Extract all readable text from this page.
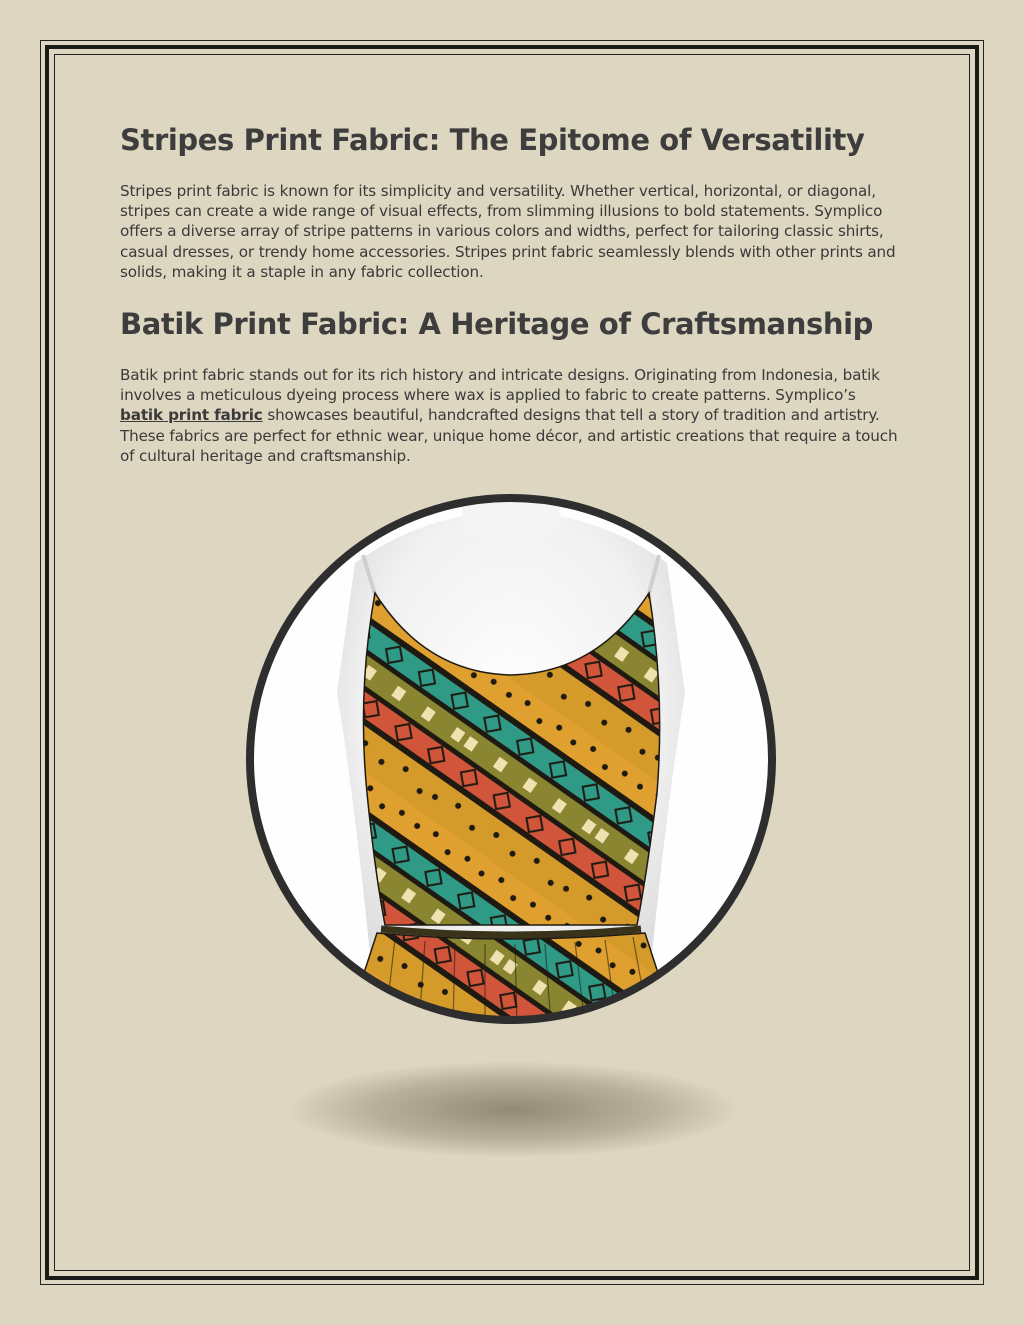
Stripes Print Fabric: The Epitome of Versatility

Stripes print fabric is known for its simplicity and versatility. Whether vertical, horizontal, or diagonal, stripes can create a wide range of visual effects, from slimming illusions to bold statements. Symplico offers a diverse array of stripe patterns in various colors and widths, perfect for tailoring classic shirts, casual dresses, or trendy home accessories. Stripes print fabric seamlessly blends with other prints and solids, making it a staple in any fabric collection.

Batik Print Fabric: A Heritage of Craftsmanship

Batik print fabric stands out for its rich history and intricate designs. Originating from Indonesia, batik involves a meticulous dyeing process where wax is applied to fabric to create patterns. Symplico’s batik print fabric showcases beautiful, handcrafted designs that tell a story of tradition and artistry. These fabrics are perfect for ethnic wear, unique home décor, and artistic creations that require a touch of cultural heritage and craftsmanship.
